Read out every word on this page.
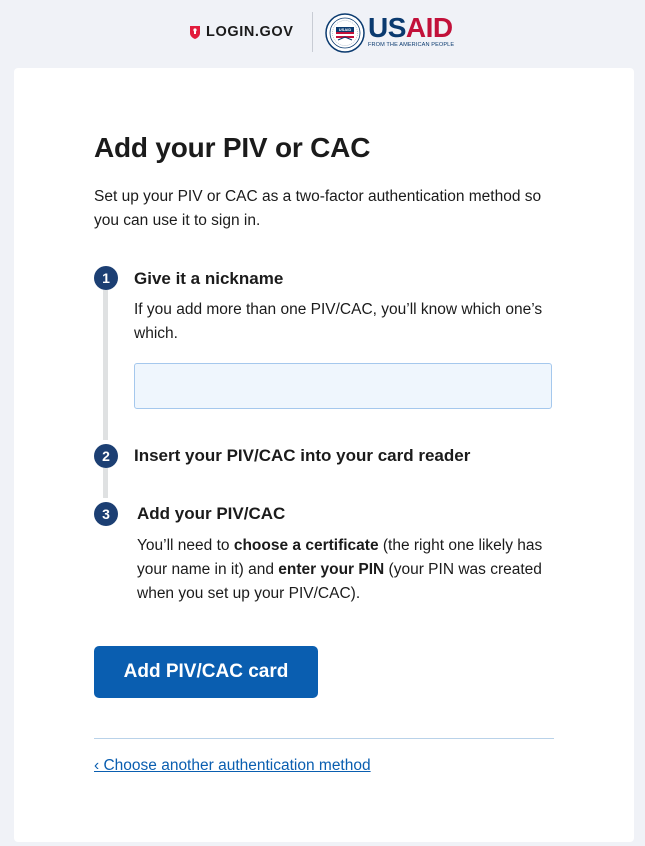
LOGIN.GOV	USAID USAID
FROM THE AMERICAN PEOPLE
Add your PIV or CAC

Set up your PIV or CAC as a two-factor authentication method so you can use it to sign in.

1	Give it a nickname

If you add more than one PIV/CAC, you’ll know which one’s which.

2	Insert your PIV/CAC into your card reader
3	Add your PIV/CAC

You’ll need to choose a certificate (the right one likely has your name in it) and enter your PIN (your PIN was created when you set up your PIV/CAC).

Add PIV/CAC card
‹ Choose another authentication method
